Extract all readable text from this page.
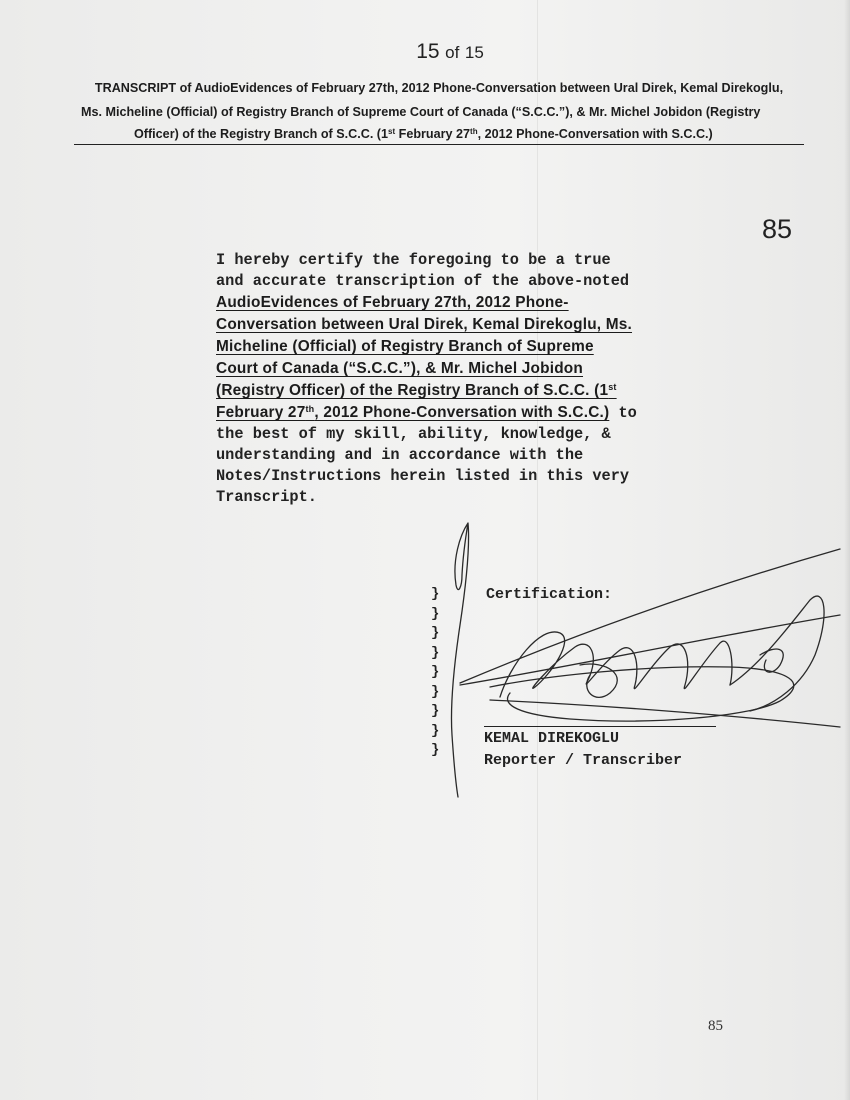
15 of 15
TRANSCRIPT of AudioEvidences of February 27th, 2012 Phone-Conversation between Ural Direk, Kemal Direkoglu,
Ms. Micheline (Official) of Registry Branch of Supreme Court of Canada (“S.C.C.”), & Mr. Michel Jobidon (Registry
Officer) of the Registry Branch of S.C.C. (1st February 27th, 2012 Phone-Conversation with S.C.C.)
85
I hereby certify the foregoing to be a true
and accurate transcription of the above-noted
AudioEvidences of February 27th, 2012 Phone-
Conversation between Ural Direk, Kemal Direkoglu, Ms.
Micheline (Official) of Registry Branch of Supreme
Court of Canada (“S.C.C.”), & Mr. Michel Jobidon
(Registry Officer) of the Registry Branch of S.C.C. (1st
February 27th, 2012 Phone-Conversation with S.C.C.) to
the best of my skill, ability, knowledge, &
understanding and in accordance with the
Notes/Instructions herein listed in this very
Transcript.
}
}
}
}
}
}
}
}
}
Certification:
KEMAL DIREKOGLU
Reporter / Transcriber
85
